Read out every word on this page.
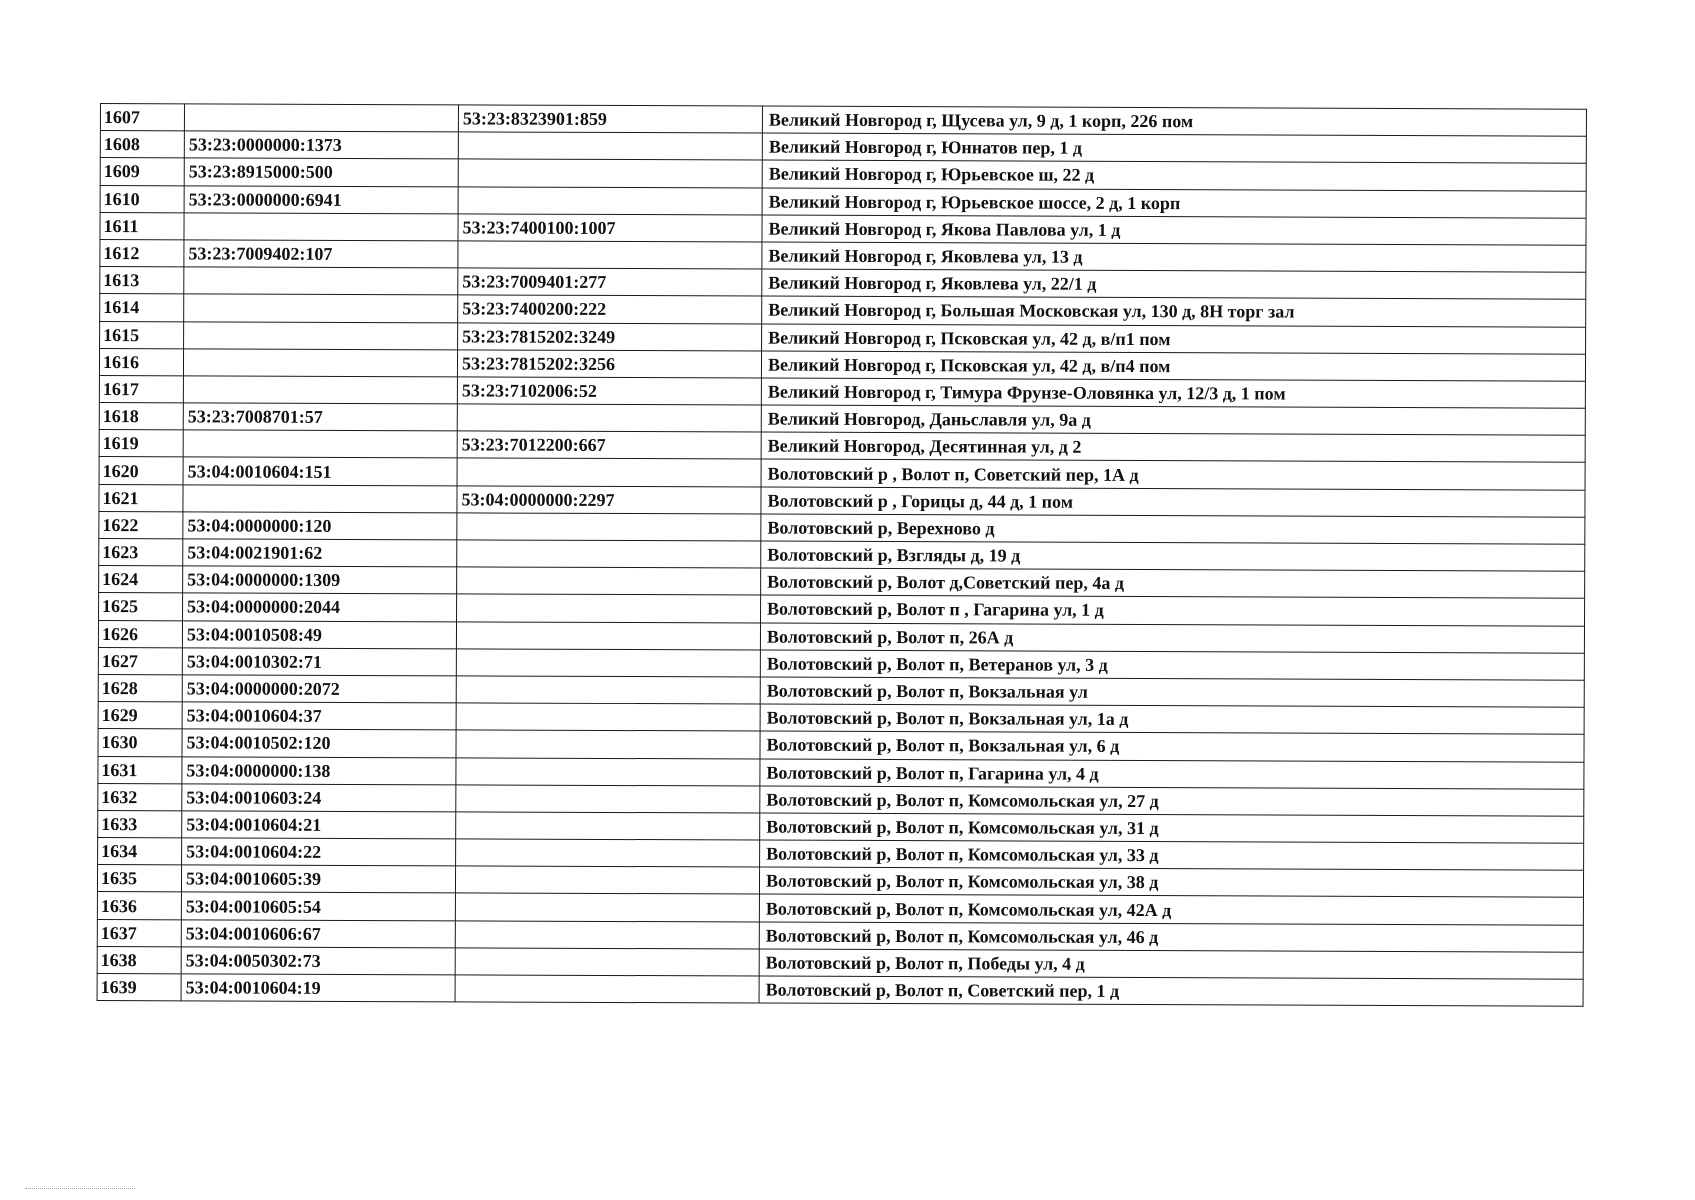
1607		53:23:8323901:859	Великий Новгород г, Щусева ул, 9 д, 1 корп, 226 пом
1608	53:23:0000000:1373		Великий Новгород г, Юннатов пер, 1 д
1609	53:23:8915000:500		Великий Новгород г, Юрьевское ш, 22 д
1610	53:23:0000000:6941		Великий Новгород г, Юрьевское шоссе, 2 д, 1 корп
1611		53:23:7400100:1007	Великий Новгород г, Якова Павлова ул, 1 д
1612	53:23:7009402:107		Великий Новгород г, Яковлева ул, 13 д
1613		53:23:7009401:277	Великий Новгород г, Яковлева ул, 22/1 д
1614		53:23:7400200:222	Великий Новгород г, Большая Московская ул, 130 д, 8Н торг зал
1615		53:23:7815202:3249	Великий Новгород г, Псковская ул, 42 д, в/п1 пом
1616		53:23:7815202:3256	Великий Новгород г, Псковская ул, 42 д, в/п4 пом
1617		53:23:7102006:52	Великий Новгород г, Тимура Фрунзе-Оловянка ул, 12/3 д, 1 пом
1618	53:23:7008701:57		Великий Новгород, Даньславля ул, 9а д
1619		53:23:7012200:667	Великий Новгород, Десятинная ул, д 2
1620	53:04:0010604:151		Волотовский р , Волот п, Советский пер, 1А д
1621		53:04:0000000:2297	Волотовский р , Горицы д, 44 д, 1 пом
1622	53:04:0000000:120		Волотовский р, Верехново д
1623	53:04:0021901:62		Волотовский р, Взгляды д, 19 д
1624	53:04:0000000:1309		Волотовский р, Волот д,Советский пер, 4а д
1625	53:04:0000000:2044		Волотовский р, Волот п , Гагарина ул, 1 д
1626	53:04:0010508:49		Волотовский р, Волот п, 26А д
1627	53:04:0010302:71		Волотовский р, Волот п, Ветеранов ул, 3 д
1628	53:04:0000000:2072		Волотовский р, Волот п, Вокзальная ул
1629	53:04:0010604:37		Волотовский р, Волот п, Вокзальная ул, 1а д
1630	53:04:0010502:120		Волотовский р, Волот п, Вокзальная ул, 6 д
1631	53:04:0000000:138		Волотовский р, Волот п, Гагарина ул, 4 д
1632	53:04:0010603:24		Волотовский р, Волот п, Комсомольская ул, 27 д
1633	53:04:0010604:21		Волотовский р, Волот п, Комсомольская ул, 31 д
1634	53:04:0010604:22		Волотовский р, Волот п, Комсомольская ул, 33 д
1635	53:04:0010605:39		Волотовский р, Волот п, Комсомольская ул, 38 д
1636	53:04:0010605:54		Волотовский р, Волот п, Комсомольская ул, 42А д
1637	53:04:0010606:67		Волотовский р, Волот п, Комсомольская ул, 46 д
1638	53:04:0050302:73		Волотовский р, Волот п, Победы ул, 4 д
1639	53:04:0010604:19		Волотовский р, Волот п, Советский пер, 1 д
